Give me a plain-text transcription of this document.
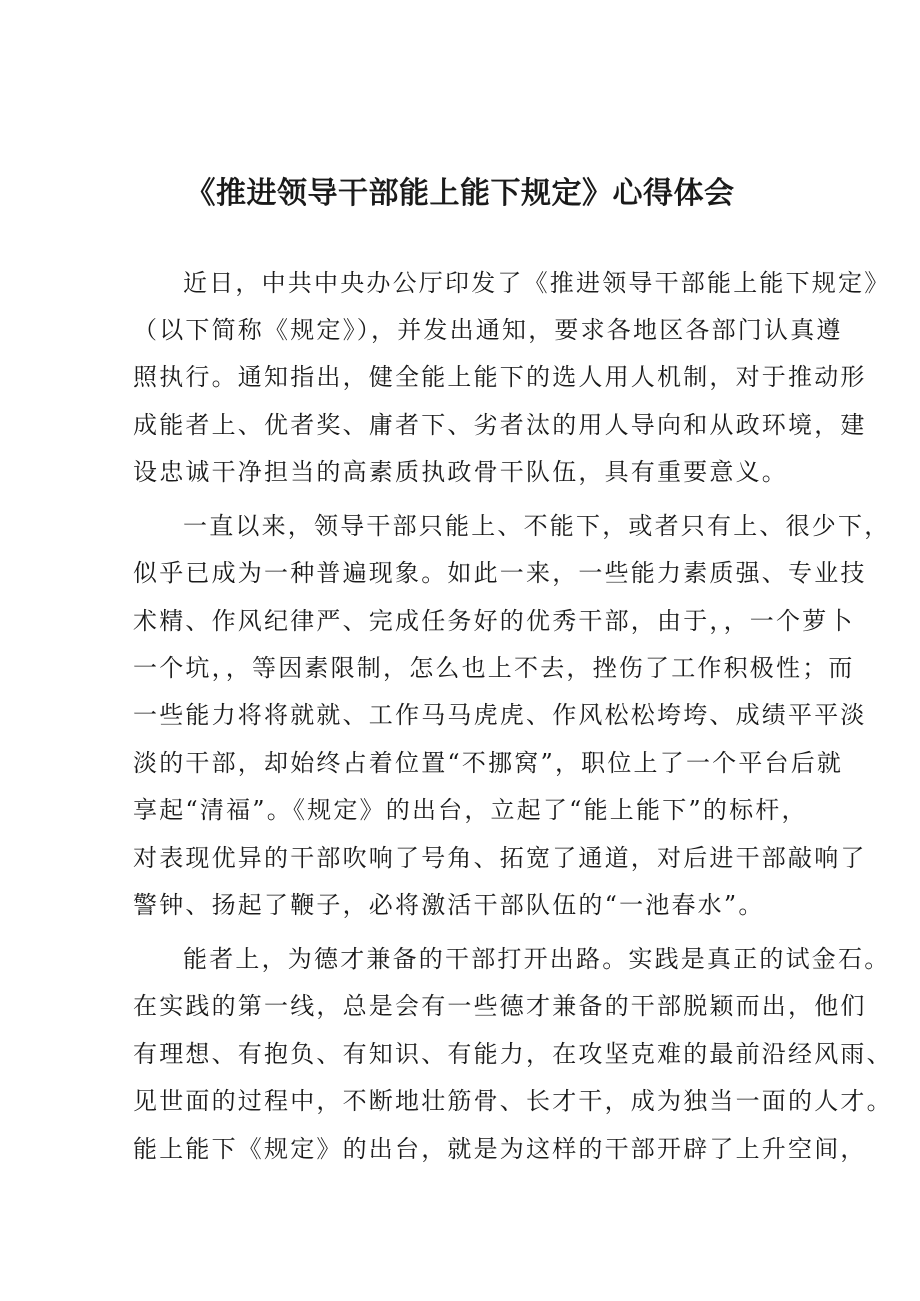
《推进领导干部能上能下规定》心得体会

近日，中共中央办公厅印发了《推进领导干部能上能下规定》

（以下简称《规定》），并发出通知，要求各地区各部门认真遵

照执行。通知指出，健全能上能下的选人用人机制，对于推动形

成能者上、优者奖、庸者下、劣者汰的用人导向和从政环境，建

设忠诚干净担当的高素质执政骨干队伍，具有重要意义。

一直以来，领导干部只能上、不能下，或者只有上、很少下，

似乎已成为一种普遍现象。如此一来，一些能力素质强、专业技

术精、作风纪律严、完成任务好的优秀干部，由于，，一个萝卜

一个坑，，等因素限制，怎么也上不去，挫伤了工作积极性；而

一些能力将将就就、工作马马虎虎、作风松松垮垮、成绩平平淡

淡的干部，却始终占着位置“不挪窝”，职位上了一个平台后就

享起“清福”。《规定》的出台，立起了“能上能下”的标杆，

对表现优异的干部吹响了号角、拓宽了通道，对后进干部敲响了

警钟、扬起了鞭子，必将激活干部队伍的“一池春水”。

能者上，为德才兼备的干部打开出路。实践是真正的试金石。

在实践的第一线，总是会有一些德才兼备的干部脱颖而出，他们

有理想、有抱负、有知识、有能力，在攻坚克难的最前沿经风雨、

见世面的过程中，不断地壮筋骨、长才干，成为独当一面的人才。

能上能下《规定》的出台，就是为这样的干部开辟了上升空间，
